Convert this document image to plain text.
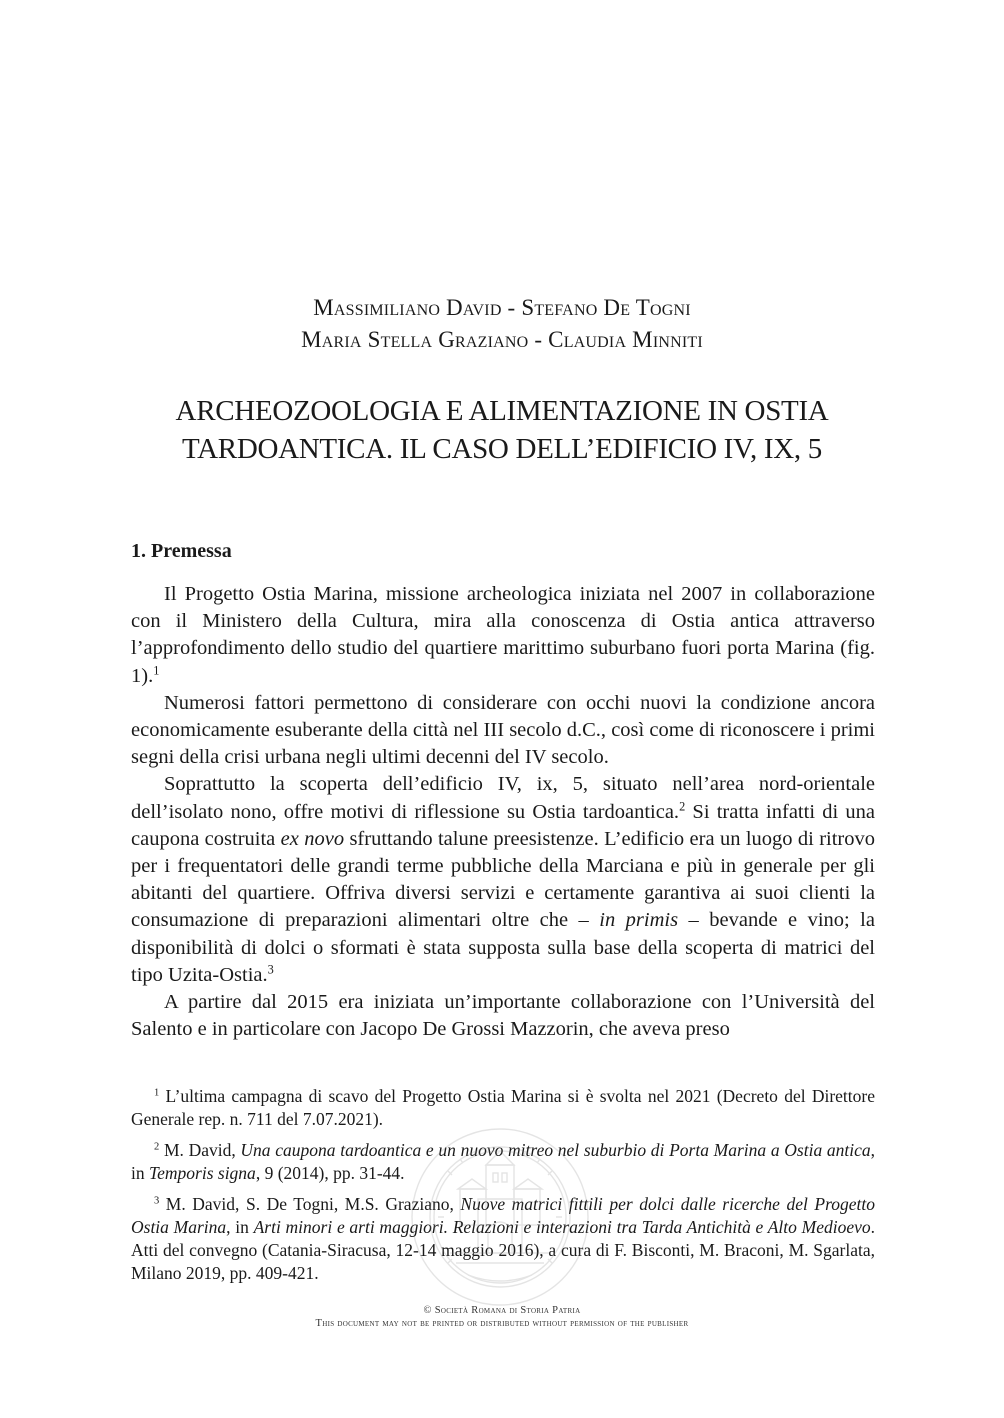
Massimiliano David - Stefano De Togni
Maria Stella Graziano - Claudia Minniti
ARCHEOZOOLOGIA E ALIMENTAZIONE IN OSTIA
TARDOANTICA. IL CASO DELL’EDIFICIO IV, IX, 5
1. Premessa

Il Progetto Ostia Marina, missione archeologica iniziata nel 2007 in collaborazione con il Ministero della Cultura, mira alla conoscenza di Ostia antica attraverso l’approfondimento dello studio del quartiere marittimo suburbano fuori porta Marina (fig. 1).$^1$

Numerosi fattori permettono di considerare con occhi nuovi la condizione ancora economicamente esuberante della città nel III secolo d.C., così come di riconoscere i primi segni della crisi urbana negli ultimi decenni del IV secolo.

Soprattutto la scoperta dell’edificio IV, ix, 5, situato nell’area nord-orientale dell’isolato nono, offre motivi di riflessione su Ostia tardoantica.$^2$ Si tratta infatti di una caupona costruita ex novo sfruttando talune preesistenze. L’edificio era un luogo di ritrovo per i frequentatori delle grandi terme pubbliche della Marciana e più in generale per gli abitanti del quartiere. Offriva diversi servizi e certamente garantiva ai suoi clienti la consumazione di preparazioni alimentari oltre che – in primis – bevande e vino; la disponibilità di dolci o sformati è stata supposta sulla base della scoperta di matrici del tipo Uzita-Ostia.$^3$

A partire dal 2015 era iniziata un’importante collaborazione con l’Università del Salento e in particolare con Jacopo De Grossi Mazzorin, che aveva preso

$^1$ L’ultima campagna di scavo del Progetto Ostia Marina si è svolta nel 2021 (Decreto del Direttore Generale rep. n. 711 del 7.07.2021).

$^2$ M. David, Una caupona tardoantica e un nuovo mitreo nel suburbio di Porta Marina a Ostia antica, in Temporis signa, 9 (2014), pp. 31-44.

$^3$ M. David, S. De Togni, M.S. Graziano, Nuove matrici fittili per dolci dalle ricerche del Progetto Ostia Marina, in Arti minori e arti maggiori. Relazioni e interazioni tra Tarda Antichità e Alto Medioevo. Atti del convegno (Catania-Siracusa, 12-14 maggio 2016), a cura di F. Bisconti, M. Braconi, M. Sgarlata, Milano 2019, pp. 409-421.

© Società Romana di Storia Patria
This document may not be printed or distributed without permission of the publisher
